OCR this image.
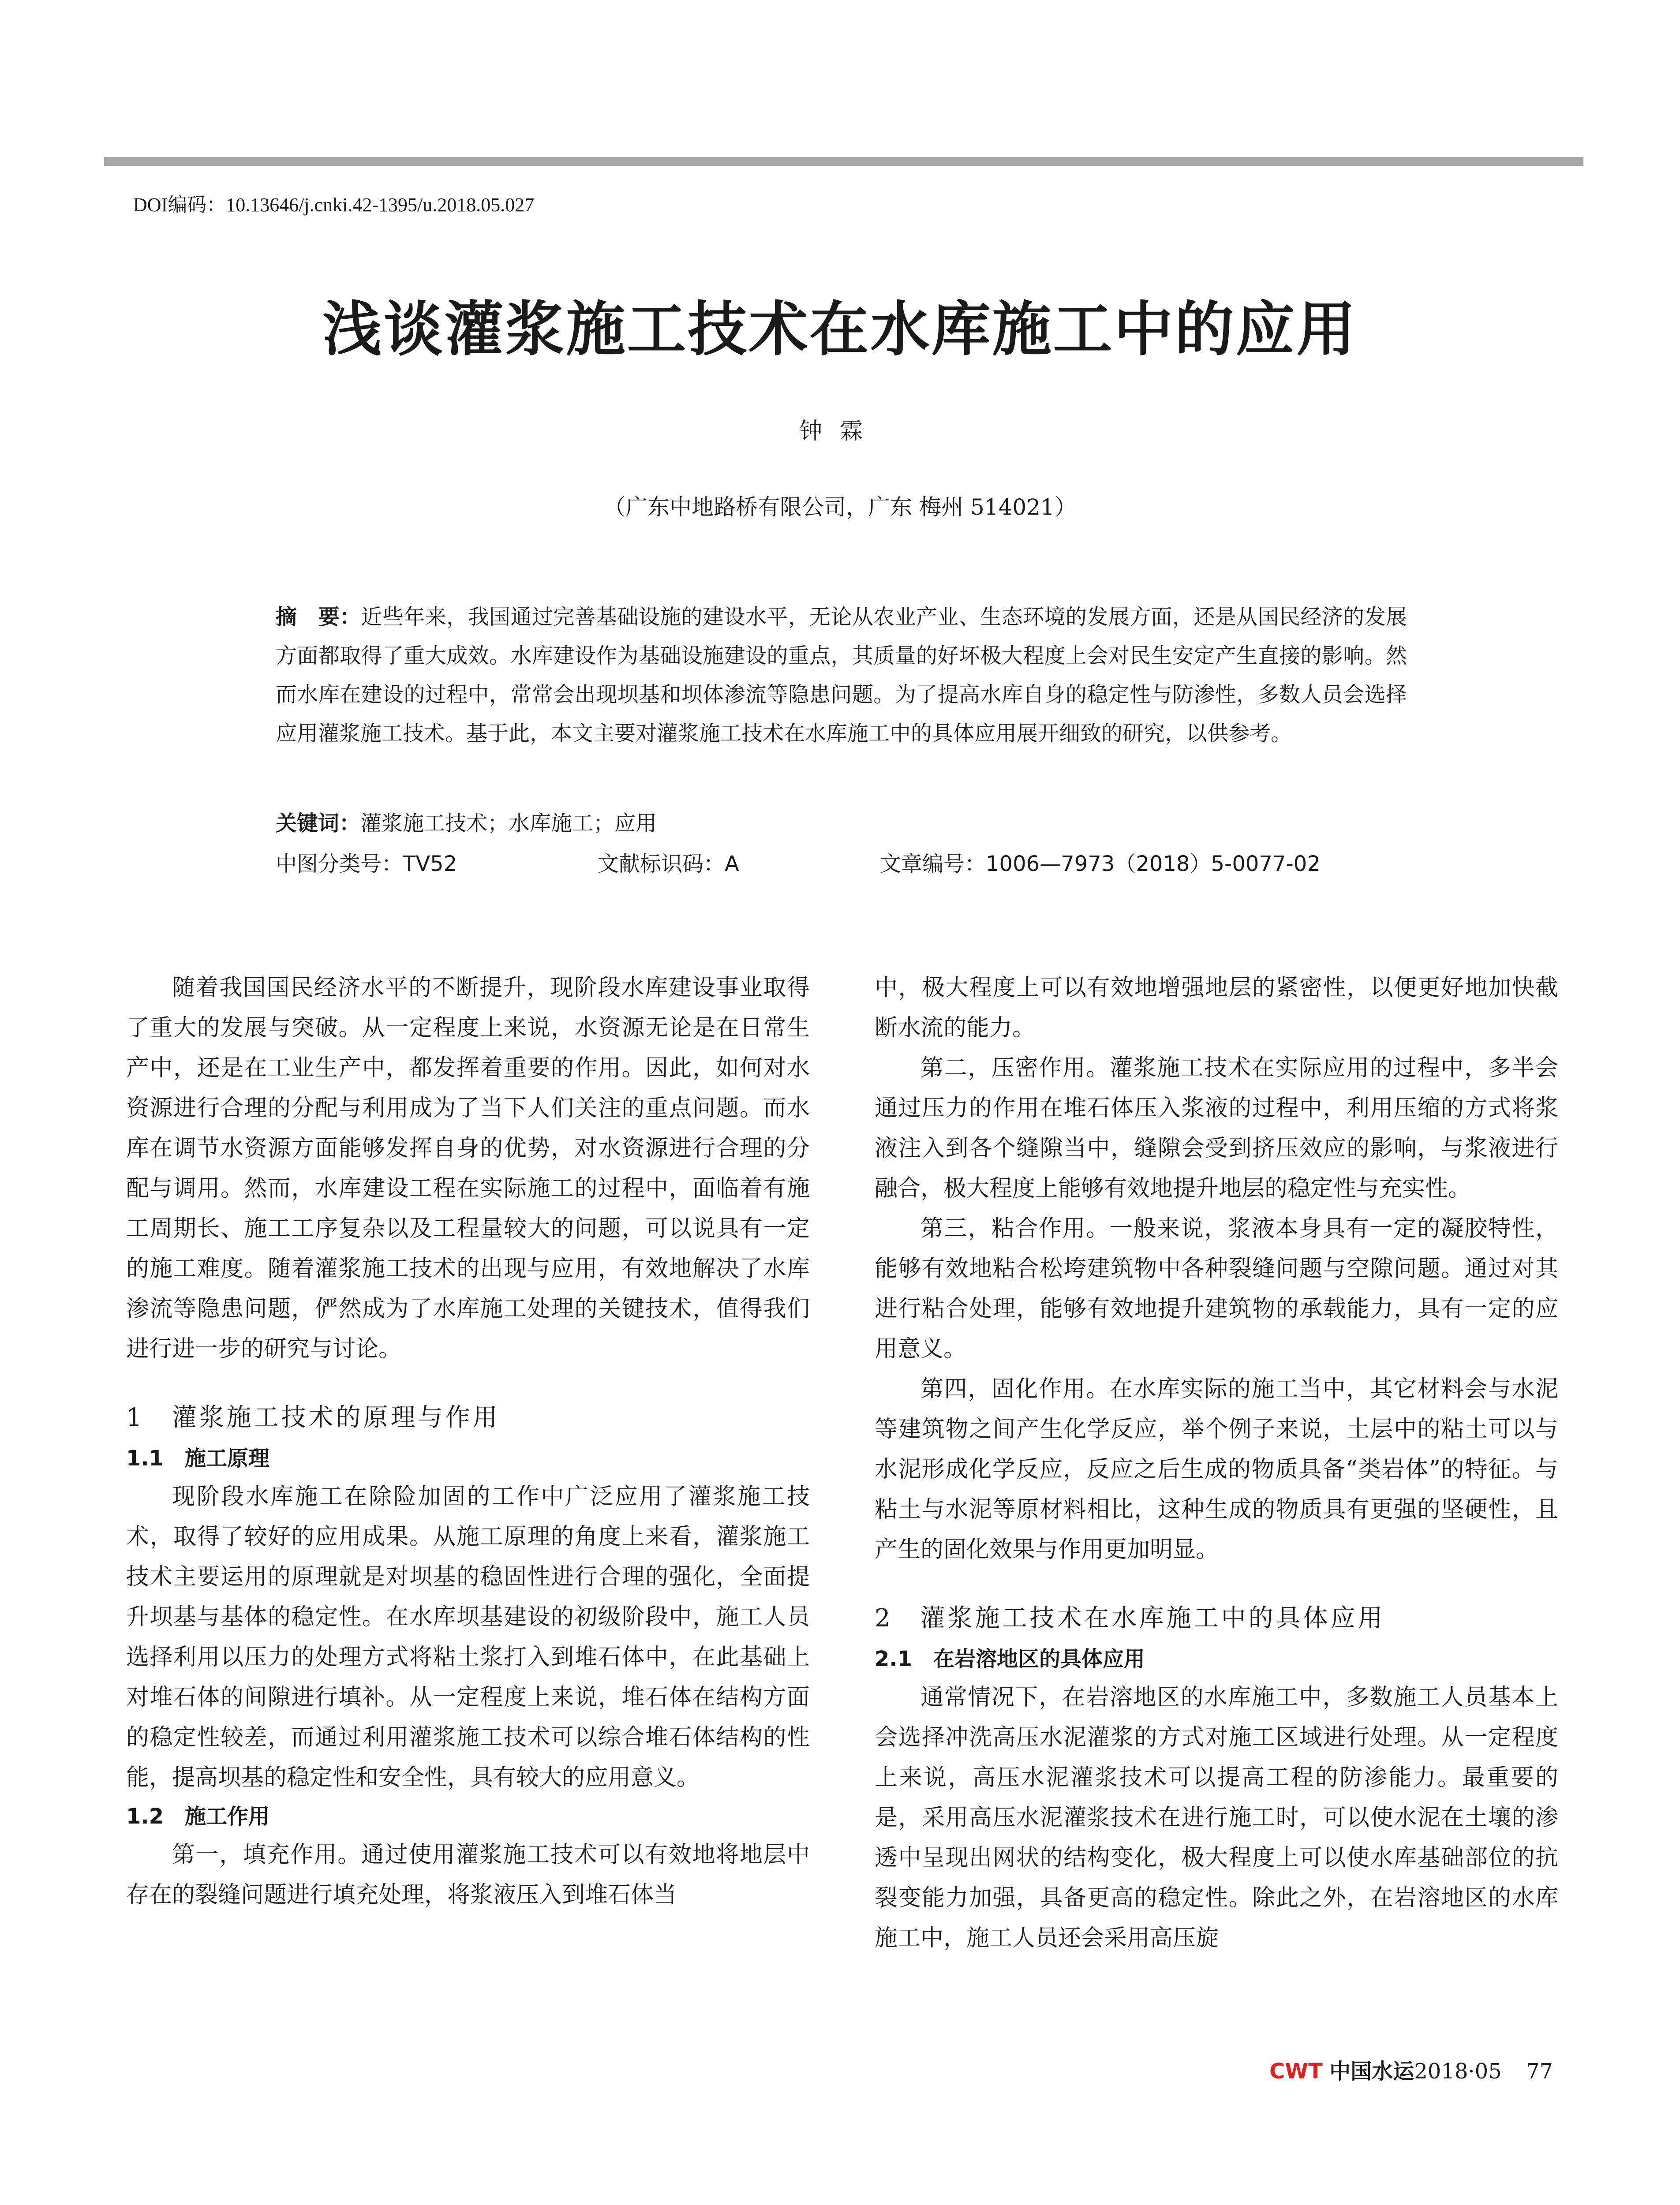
DOI编码：10.13646/j.cnki.42-1395/u.2018.05.027
浅谈灌浆施工技术在水库施工中的应用
钟霖
（广东中地路桥有限公司，广东 梅州 514021）
摘　要：近些年来，我国通过完善基础设施的建设水平，无论从农业产业、生态环境的发展方面，还是从国民经济的发展方面都取得了重大成效。水库建设作为基础设施建设的重点，其质量的好坏极大程度上会对民生安定产生直接的影响。然而水库在建设的过程中，常常会出现坝基和坝体渗流等隐患问题。为了提高水库自身的稳定性与防渗性，多数人员会选择应用灌浆施工技术。基于此，本文主要对灌浆施工技术在水库施工中的具体应用展开细致的研究，以供参考。
关键词：灌浆施工技术；水库施工；应用
中图分类号：TV52	文献标识码：A	文章编号：1006—7973（2018）5-0077-02

随着我国国民经济水平的不断提升，现阶段水库建设事业取得了重大的发展与突破。从一定程度上来说，水资源无论是在日常生产中，还是在工业生产中，都发挥着重要的作用。因此，如何对水资源进行合理的分配与利用成为了当下人们关注的重点问题。而水库在调节水资源方面能够发挥自身的优势，对水资源进行合理的分配与调用。然而，水库建设工程在实际施工的过程中，面临着有施工周期长、施工工序复杂以及工程量较大的问题，可以说具有一定的施工难度。随着灌浆施工技术的出现与应用，有效地解决了水库渗流等隐患问题，俨然成为了水库施工处理的关键技术，值得我们进行进一步的研究与讨论。

1　灌浆施工技术的原理与作用
1.1　施工原理

现阶段水库施工在除险加固的工作中广泛应用了灌浆施工技术，取得了较好的应用成果。从施工原理的角度上来看，灌浆施工技术主要运用的原理就是对坝基的稳固性进行合理的强化，全面提升坝基与基体的稳定性。在水库坝基建设的初级阶段中，施工人员选择利用以压力的处理方式将粘土浆打入到堆石体中，在此基础上对堆石体的间隙进行填补。从一定程度上来说，堆石体在结构方面的稳定性较差，而通过利用灌浆施工技术可以综合堆石体结构的性能，提高坝基的稳定性和安全性，具有较大的应用意义。

1.2　施工作用

第一，填充作用。通过使用灌浆施工技术可以有效地将地层中存在的裂缝问题进行填充处理，将浆液压入到堆石体当

中，极大程度上可以有效地增强地层的紧密性，以便更好地加快截断水流的能力。

第二，压密作用。灌浆施工技术在实际应用的过程中，多半会通过压力的作用在堆石体压入浆液的过程中，利用压缩的方式将浆液注入到各个缝隙当中，缝隙会受到挤压效应的影响，与浆液进行融合，极大程度上能够有效地提升地层的稳定性与充实性。

第三，粘合作用。一般来说，浆液本身具有一定的凝胶特性，能够有效地粘合松垮建筑物中各种裂缝问题与空隙问题。通过对其进行粘合处理，能够有效地提升建筑物的承载能力，具有一定的应用意义。

第四，固化作用。在水库实际的施工当中，其它材料会与水泥等建筑物之间产生化学反应，举个例子来说，土层中的粘土可以与水泥形成化学反应，反应之后生成的物质具备“类岩体”的特征。与粘土与水泥等原材料相比，这种生成的物质具有更强的坚硬性，且产生的固化效果与作用更加明显。

2　灌浆施工技术在水库施工中的具体应用
2.1　在岩溶地区的具体应用

通常情况下，在岩溶地区的水库施工中，多数施工人员基本上会选择冲洗高压水泥灌浆的方式对施工区域进行处理。从一定程度上来说，高压水泥灌浆技术可以提高工程的防渗能力。最重要的是，采用高压水泥灌浆技术在进行施工时，可以使水泥在土壤的渗透中呈现出网状的结构变化，极大程度上可以使水库基础部位的抗裂变能力加强，具备更高的稳定性。除此之外，在岩溶地区的水库施工中，施工人员还会采用高压旋

CWT 中国水运2018·05 77
